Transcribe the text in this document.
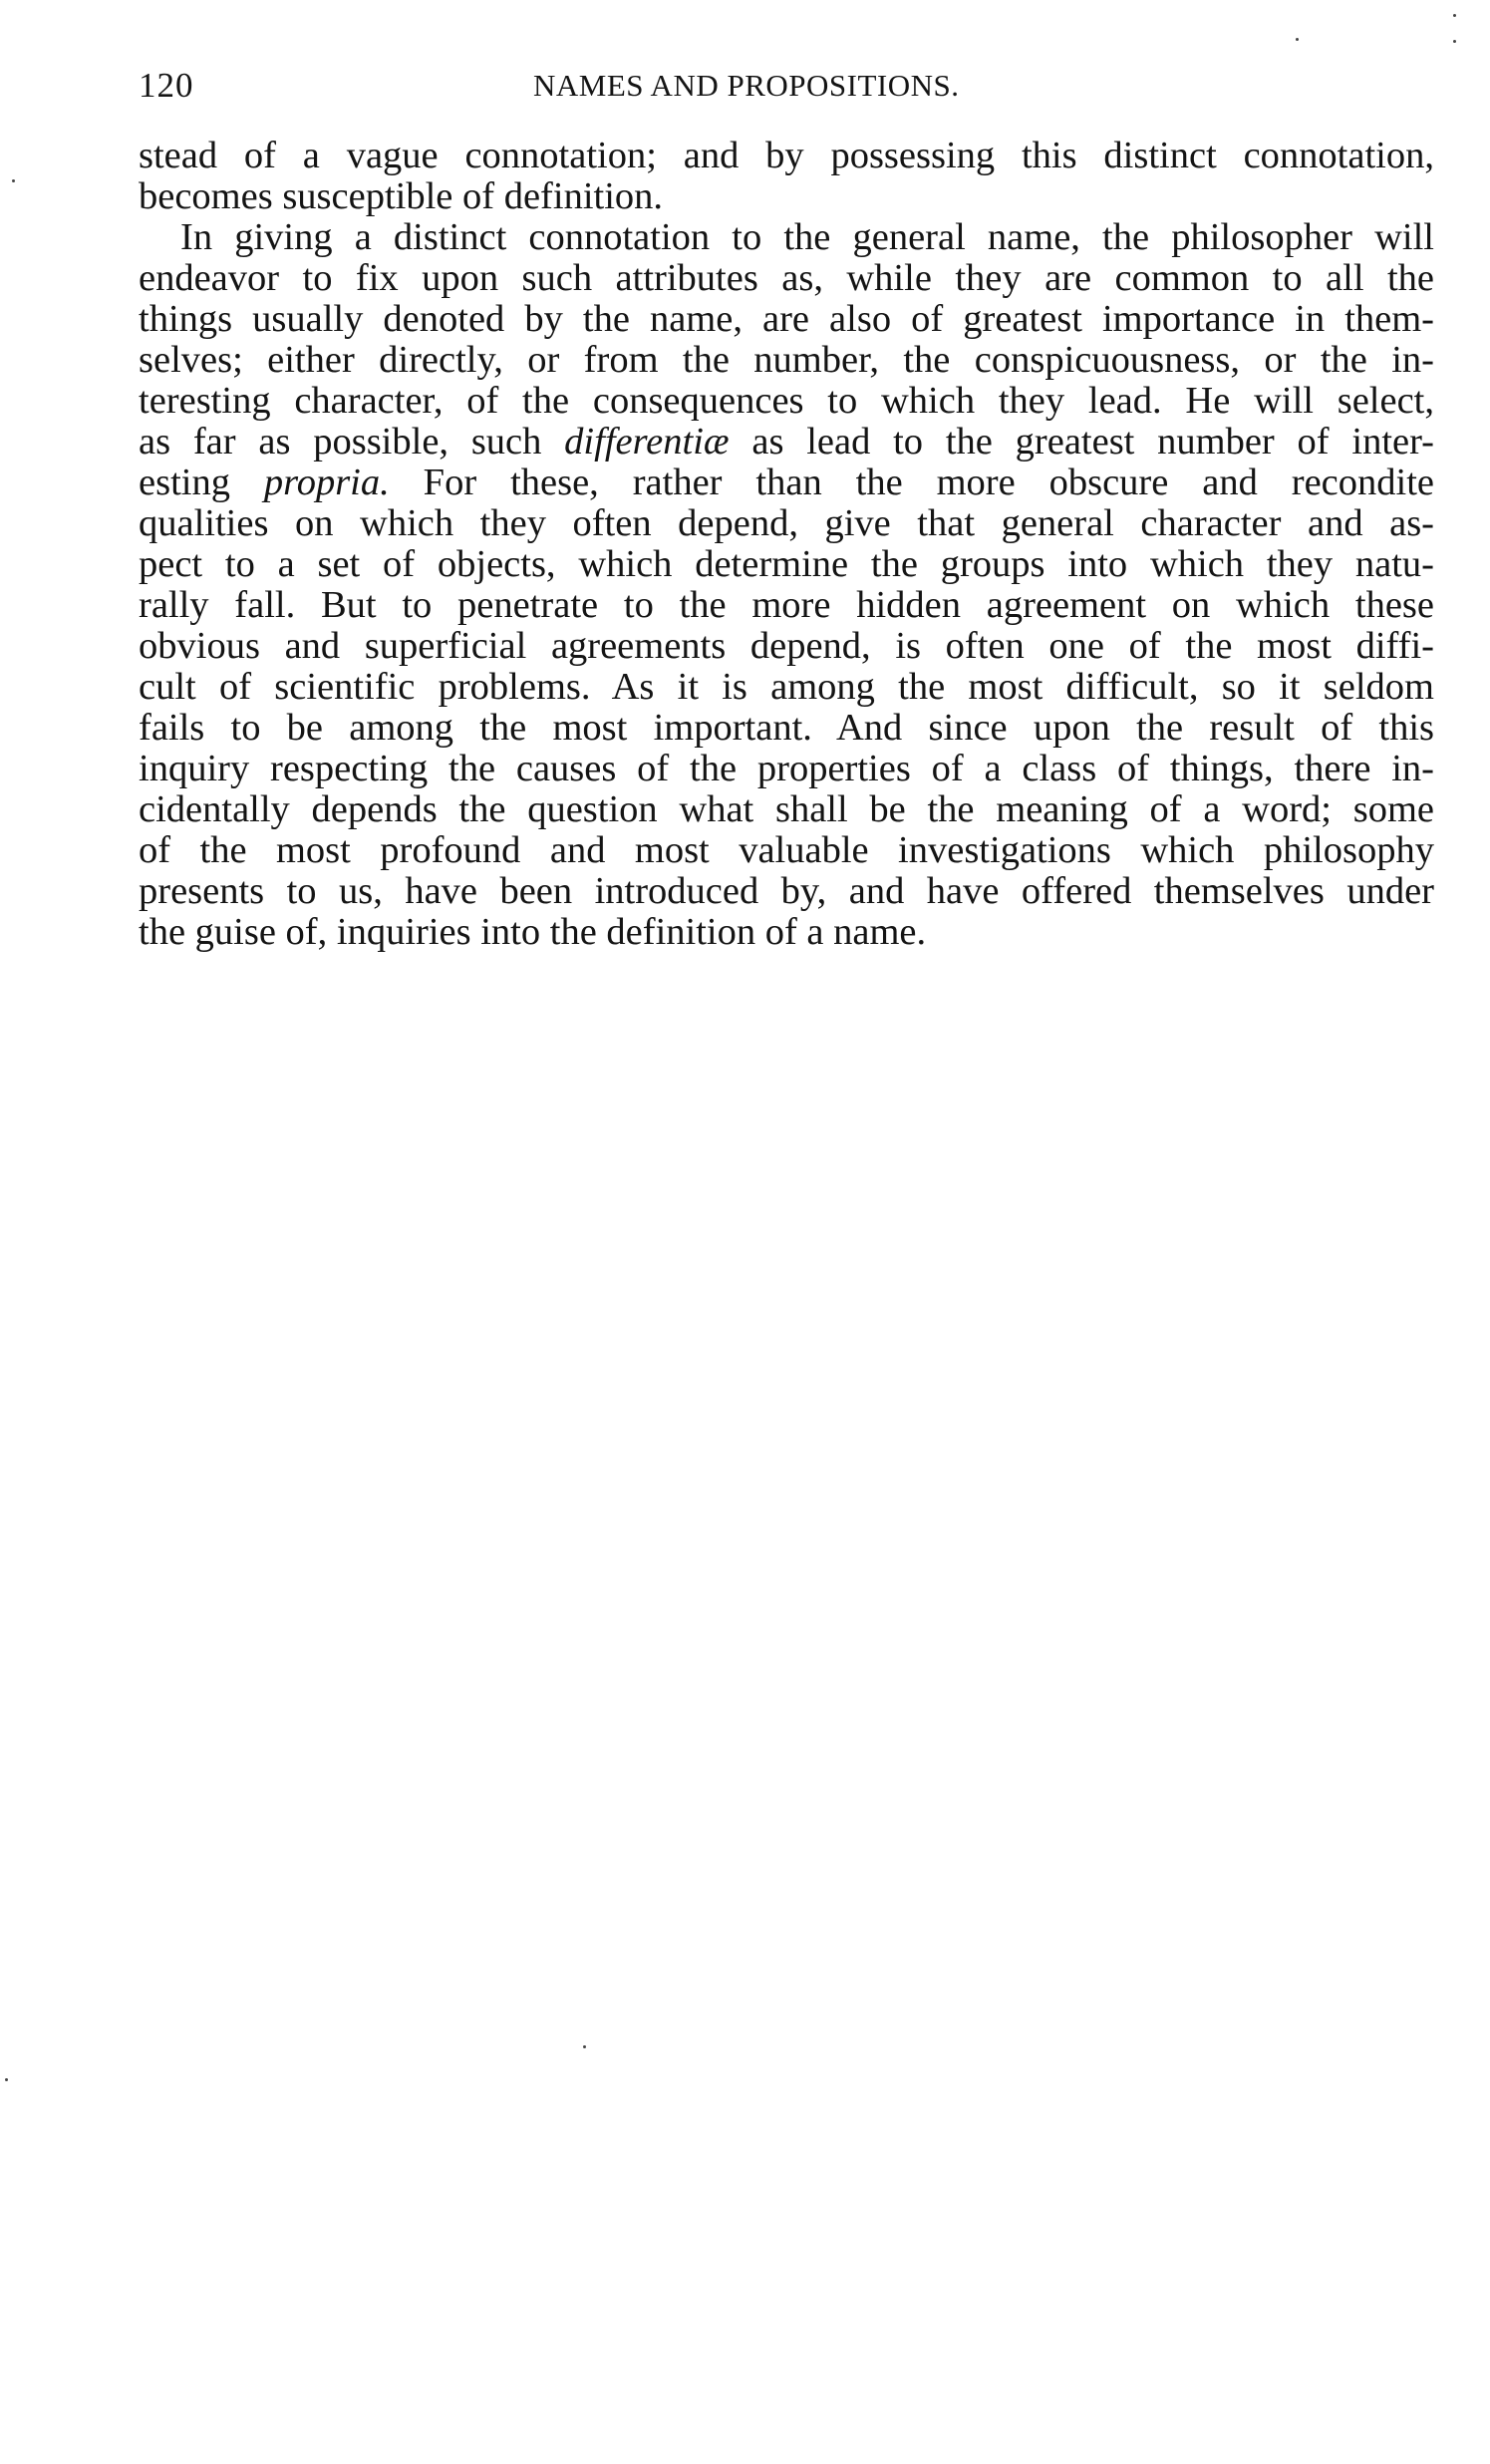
120	NAMES AND PROPOSITIONS.
stead of a vague connotation; and by possessing this distinct connotation,
becomes susceptible of definition.
In giving a distinct connotation to the general name, the philosopher will
endeavor to fix upon such attributes as, while they are common to all the
things usually denoted by the name, are also of greatest importance in them-
selves; either directly, or from the number, the conspicuousness, or the in-
teresting character, of the consequences to which they lead. He will select,
as far as possible, such differentiæ as lead to the greatest number of inter-
esting propria. For these, rather than the more obscure and recondite
qualities on which they often depend, give that general character and as-
pect to a set of objects, which determine the groups into which they natu-
rally fall. But to penetrate to the more hidden agreement on which these
obvious and superficial agreements depend, is often one of the most diffi-
cult of scientific problems. As it is among the most difficult, so it seldom
fails to be among the most important. And since upon the result of this
inquiry respecting the causes of the properties of a class of things, there in-
cidentally depends the question what shall be the meaning of a word; some
of the most profound and most valuable investigations which philosophy
presents to us, have been introduced by, and have offered themselves under
the guise of, inquiries into the definition of a name.
